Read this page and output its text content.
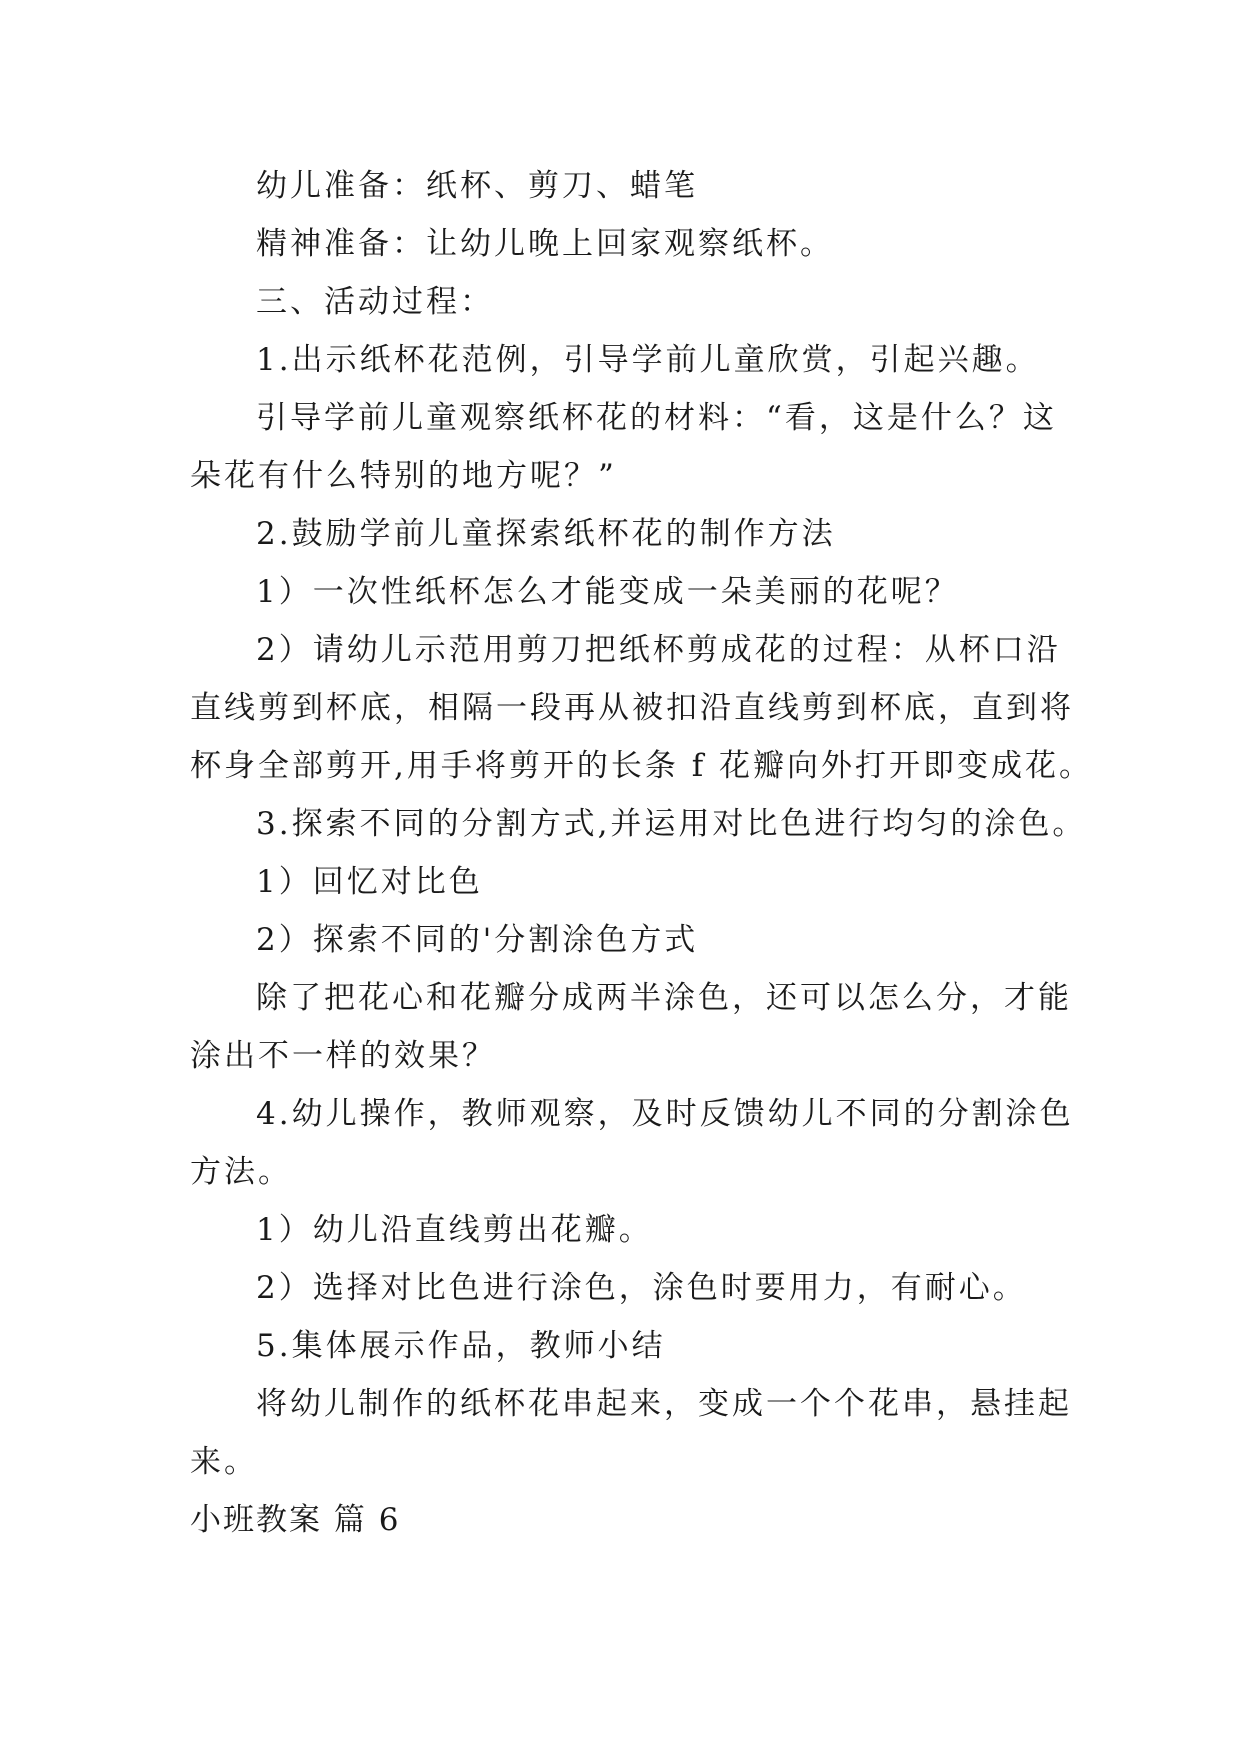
幼儿准备：纸杯、剪刀、蜡笔
精神准备：让幼儿晚上回家观察纸杯。
三、活动过程：
1.出示纸杯花范例，引导学前儿童欣赏，引起兴趣。
引导学前儿童观察纸杯花的材料：“看，这是什么？这
朵花有什么特别的地方呢？”
2.鼓励学前儿童探索纸杯花的制作方法
1）一次性纸杯怎么才能变成一朵美丽的花呢？
2）请幼儿示范用剪刀把纸杯剪成花的过程：从杯口沿
直线剪到杯底，相隔一段再从被扣沿直线剪到杯底，直到将
杯身全部剪开,用手将剪开的长条 f 花瓣向外打开即变成花。
3.探索不同的分割方式,并运用对比色进行均匀的涂色。
1）回忆对比色
2）探索不同的'分割涂色方式
除了把花心和花瓣分成两半涂色，还可以怎么分，才能
涂出不一样的效果？
4.幼儿操作，教师观察，及时反馈幼儿不同的分割涂色
方法。
1）幼儿沿直线剪出花瓣。
2）选择对比色进行涂色，涂色时要用力，有耐心。
5.集体展示作品，教师小结
将幼儿制作的纸杯花串起来，变成一个个花串，悬挂起
来。
小班教案 篇 6
